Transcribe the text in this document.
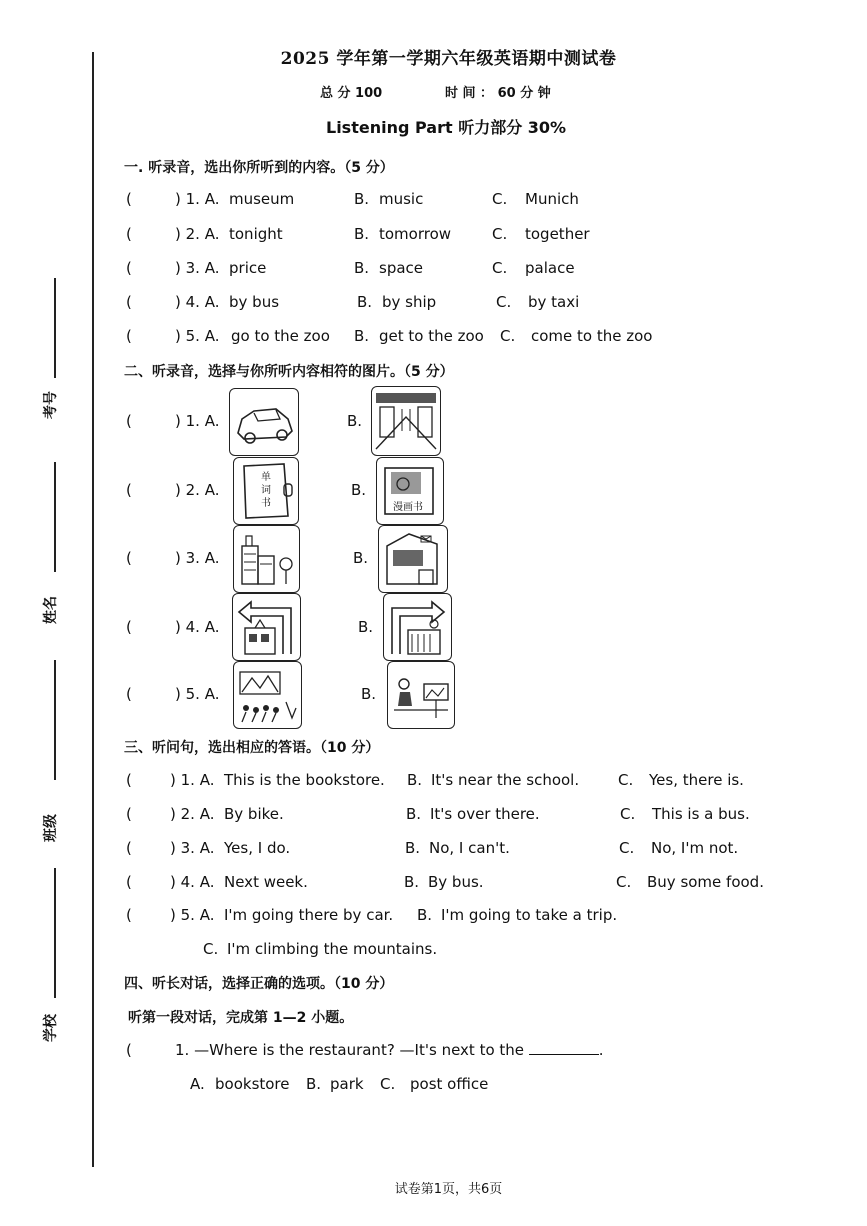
考号
姓名
班级
学校
2025 学年第一学期六年级英语期中测试卷
总 分 100	时 间 ： 60 分 钟
Listening Part 听力部分 30%
一. 听录音，选出你所听到的内容。（5 分）
(	) 1. A. museum	B. music	C. Munich
(	) 2. A. tonight	B. tomorrow	C. together
(	) 3. A. price	B. space	C. palace
(	) 4. A. by bus	B. by ship	C. by taxi
(	) 5. A. go to the zoo B. get to the zoo C. come to the zoo
二、听录音，选择与你所听内容相符的图片。（5 分）
(	) 1. A.	B.
(	) 2. A.	B.
(	) 3. A.	B.
(	) 4. A.	B.
(	) 5. A.	B.
单
词
书	漫画书
三、听问句，选出相应的答语。（10 分）
(	) 1. A. This is the bookstore. B. It's near the school.	C. Yes, there is.
(	) 2. A. By bike.	B. It's over there.	C. This is a bus.
(	) 3. A. Yes, I do.	B. No, I can't.	C. No, I'm not.
(	) 4. A. Next week.	B. By bus.	C. Buy some food.
(	) 5. A. I'm going there by car. B. I'm going to take a trip.
C. I'm climbing the mountains.
四、听长对话，选择正确的选项。（10 分）
听第一段对话，完成第 1—2 小题。
(	1. —Where is the restaurant? —It's next to the	.
A. bookstore B. park C. post office
试卷第1页，共6页
